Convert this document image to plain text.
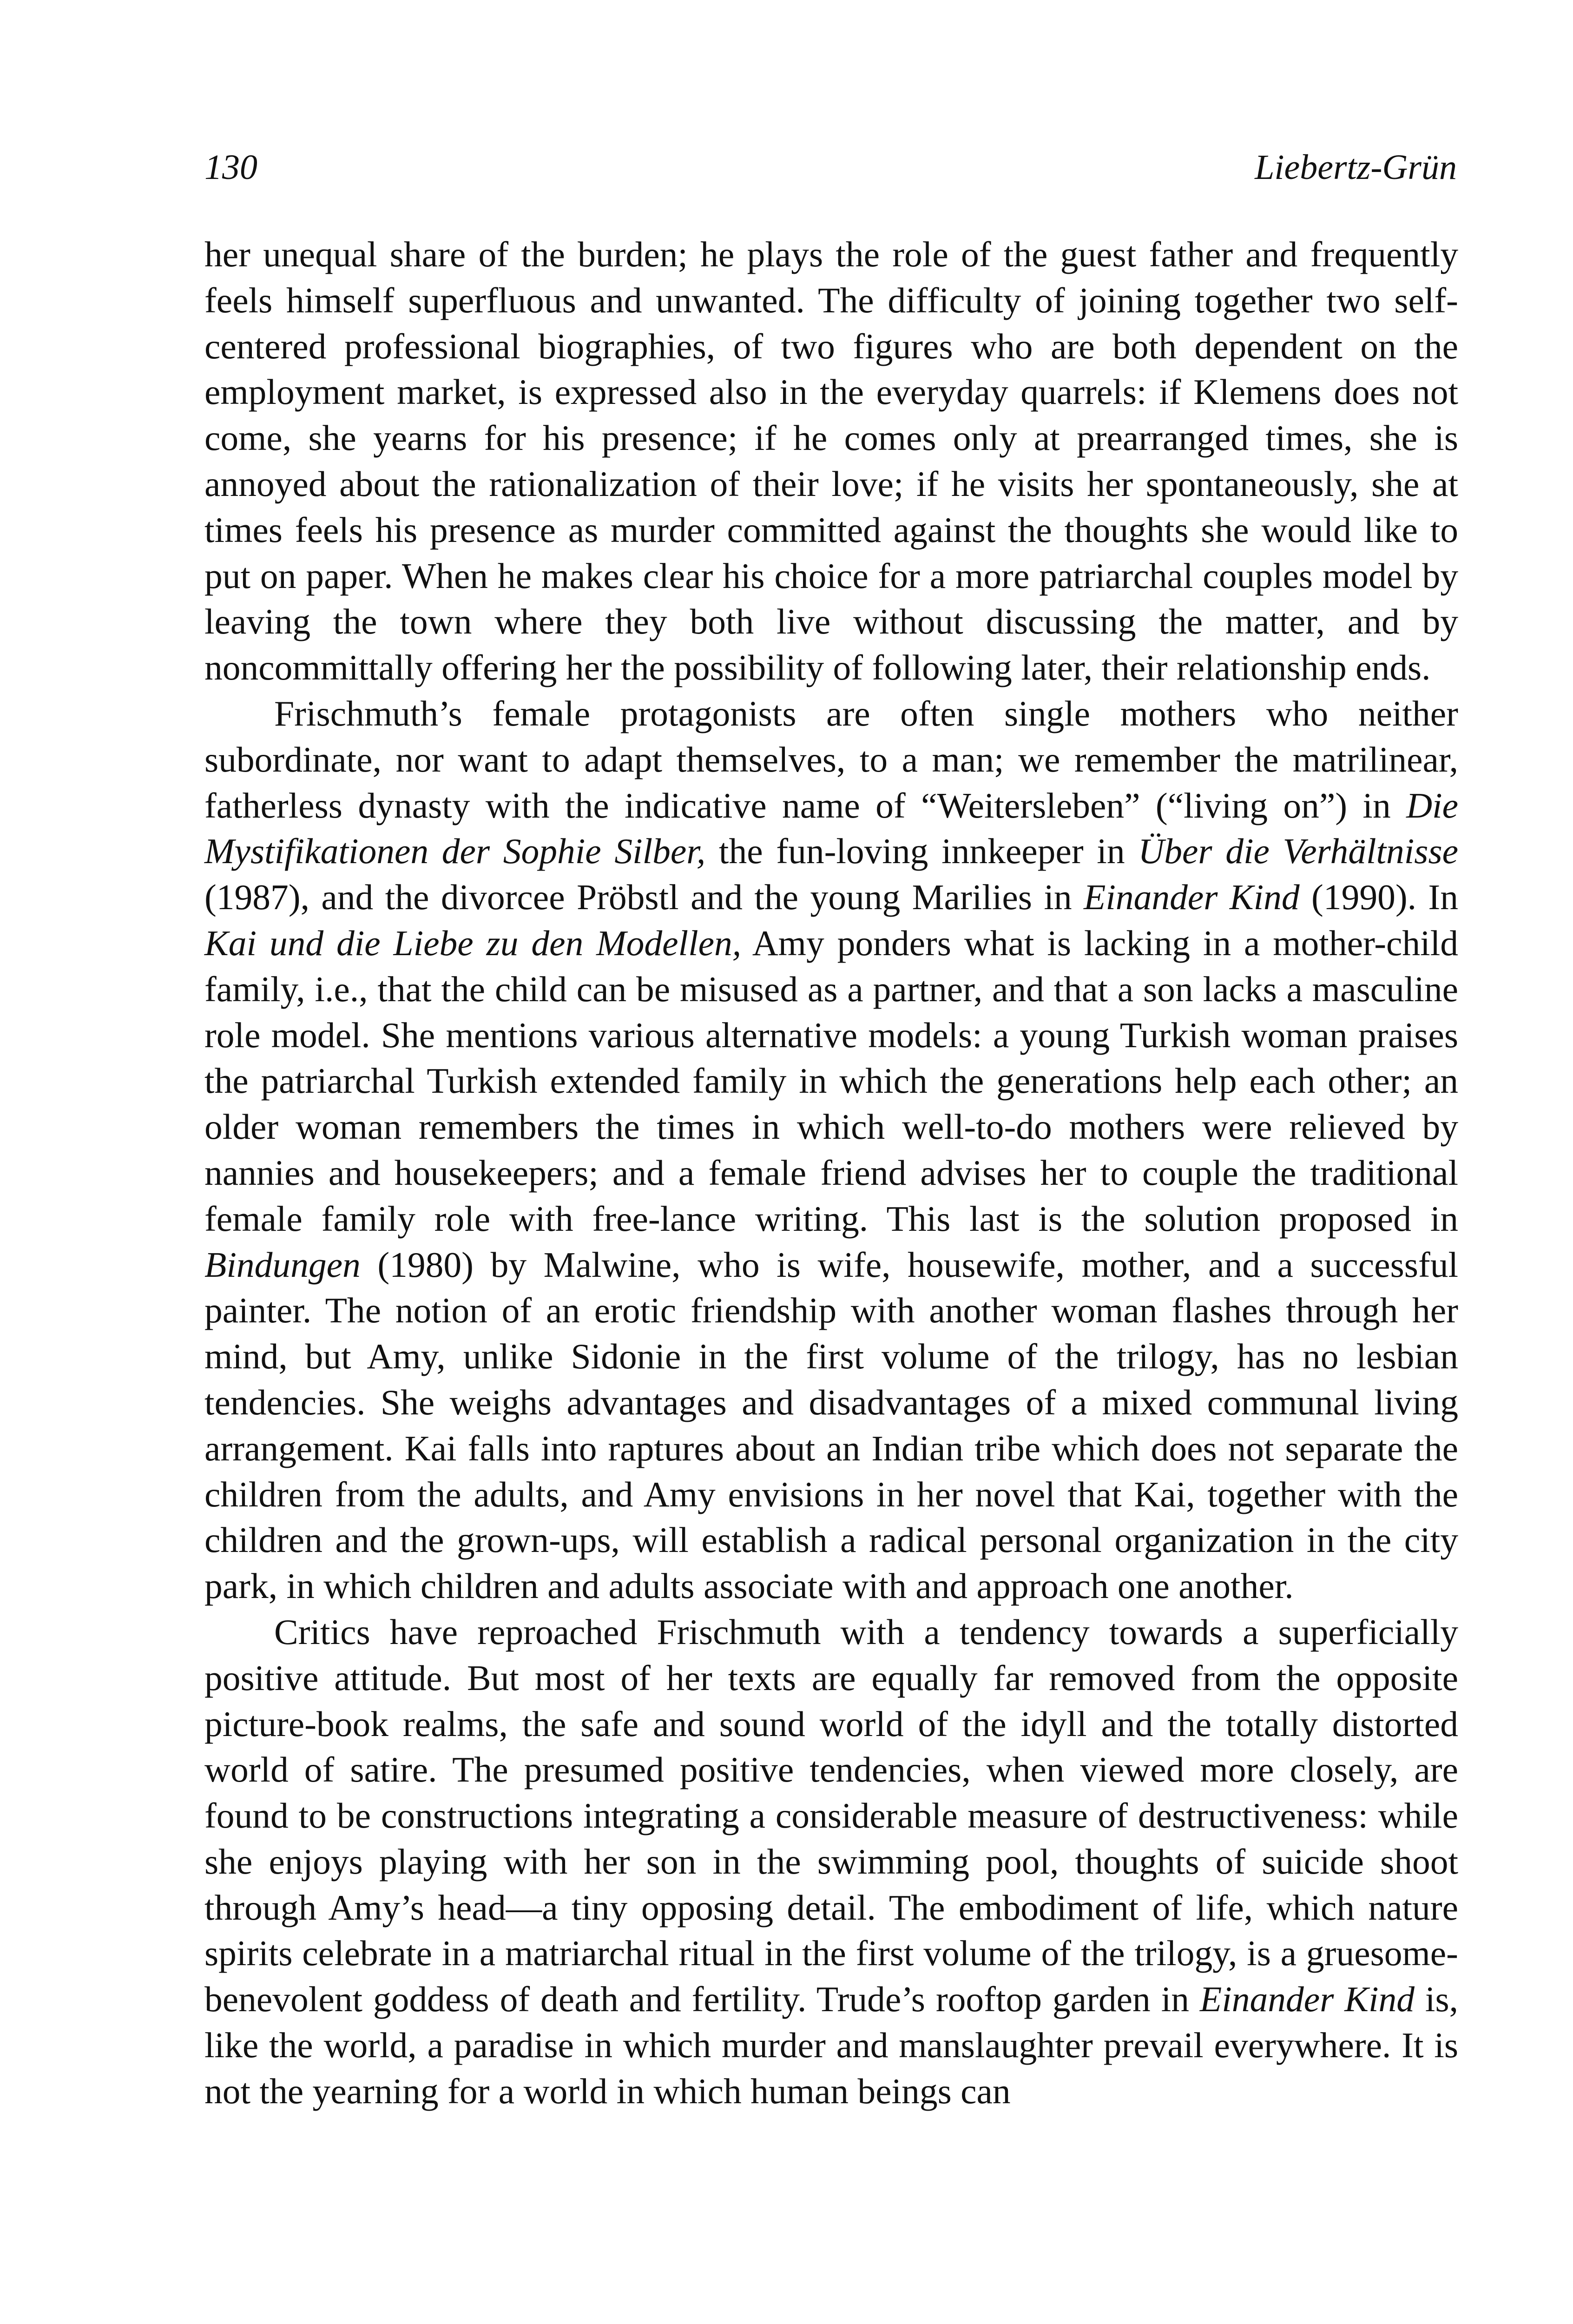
130	Liebertz-Grün

her unequal share of the burden; he plays the role of the guest father and frequently feels himself superfluous and unwanted. The difficulty of joining together two self-centered professional biographies, of two figures who are both dependent on the employment market, is expressed also in the everyday quarrels: if Klemens does not come, she yearns for his presence; if he comes only at prearranged times, she is annoyed about the rationalization of their love; if he visits her spontaneously, she at times feels his presence as murder committed against the thoughts she would like to put on paper. When he makes clear his choice for a more patriarchal couples model by leaving the town where they both live without discussing the matter, and by noncommittally offering her the possibility of following later, their relationship ends.

Frischmuth’s female protagonists are often single mothers who neither subordinate, nor want to adapt themselves, to a man; we remember the matrilinear, fatherless dynasty with the indicative name of “Weitersleben” (“living on”) in Die Mystifikationen der Sophie Silber, the fun-loving innkeeper in Über die Verhältnisse (1987), and the divorcee Pröbstl and the young Marilies in Einander Kind (1990). In Kai und die Liebe zu den Modellen, Amy ponders what is lacking in a mother-child family, i.e., that the child can be misused as a partner, and that a son lacks a masculine role model. She mentions various alternative models: a young Turkish woman praises the patriarchal Turkish extended family in which the generations help each other; an older woman remembers the times in which well-to-do mothers were relieved by nannies and housekeepers; and a female friend advises her to couple the traditional female family role with free-lance writing. This last is the solution proposed in Bindungen (1980) by Malwine, who is wife, housewife, mother, and a successful painter. The notion of an erotic friendship with another woman flashes through her mind, but Amy, unlike Sidonie in the first volume of the trilogy, has no lesbian tendencies. She weighs advantages and disadvantages of a mixed communal living arrangement. Kai falls into raptures about an Indian tribe which does not separate the children from the adults, and Amy envisions in her novel that Kai, together with the children and the grown-ups, will establish a radical personal organization in the city park, in which children and adults associate with and approach one another.

Critics have reproached Frischmuth with a tendency towards a superficially positive attitude. But most of her texts are equally far removed from the opposite picture-book realms, the safe and sound world of the idyll and the totally distorted world of satire. The presumed positive tendencies, when viewed more closely, are found to be constructions integrating a considerable measure of destructiveness: while she enjoys playing with her son in the swimming pool, thoughts of suicide shoot through Amy’s head—a tiny opposing detail. The embodiment of life, which nature spirits celebrate in a matriarchal ritual in the first volume of the trilogy, is a gruesome-benevolent goddess of death and fertility. Trude’s rooftop garden in Einander Kind is, like the world, a paradise in which murder and manslaughter prevail everywhere. It is not the yearning for a world in which human beings can
